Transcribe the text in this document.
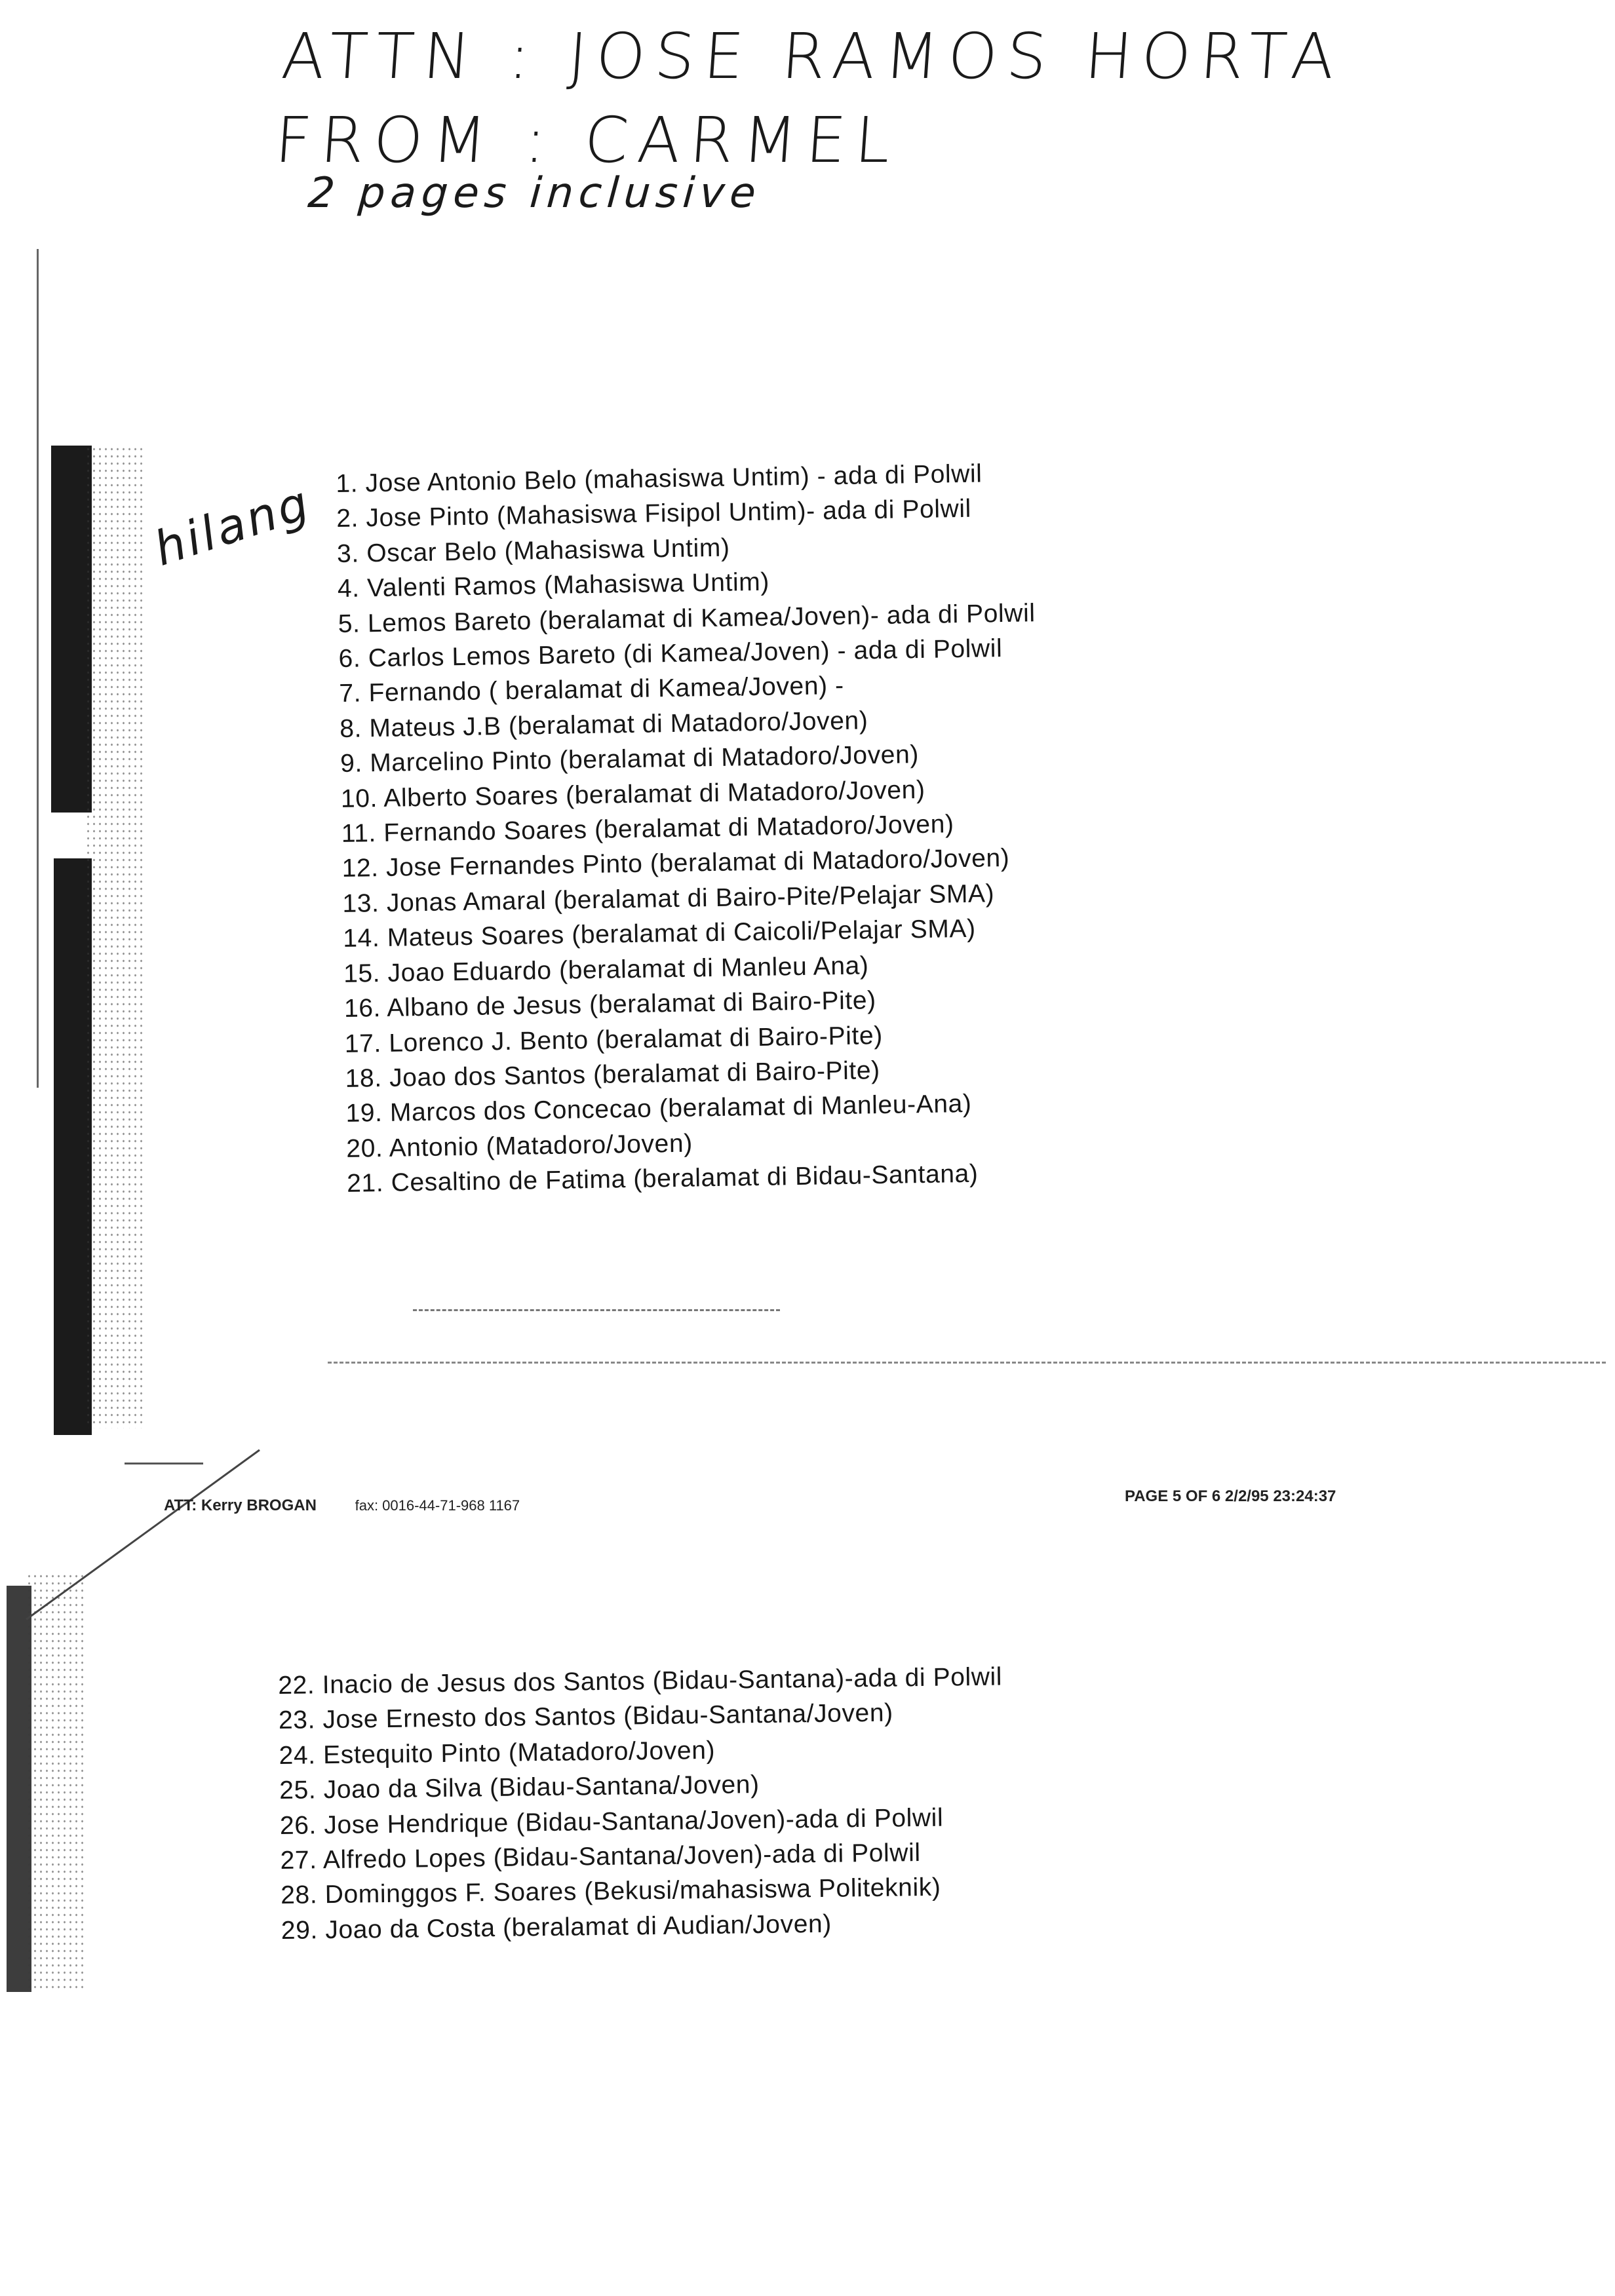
ATTN : JOSE RAMOS HORTA
FROM : CARMEL
2 pages inclusive
hilang 1. Jose Antonio Belo (mahasiswa Untim) - ada di Polwil
2. Jose Pinto (Mahasiswa Fisipol Untim)- ada di Polwil
3. Oscar Belo (Mahasiswa Untim)
4. Valenti Ramos (Mahasiswa Untim)
5. Lemos Bareto (beralamat di Kamea/Joven)- ada di Polwil
6. Carlos Lemos Bareto (di Kamea/Joven) - ada di Polwil
7. Fernando ( beralamat di Kamea/Joven) -
8. Mateus J.B (beralamat di Matadoro/Joven)
9. Marcelino Pinto (beralamat di Matadoro/Joven)
10. Alberto Soares (beralamat di Matadoro/Joven)
11. Fernando Soares (beralamat di Matadoro/Joven)
12. Jose Fernandes Pinto (beralamat di Matadoro/Joven)
13. Jonas Amaral (beralamat di Bairo-Pite/Pelajar SMA)
14. Mateus Soares (beralamat di Caicoli/Pelajar SMA)
15. Joao Eduardo (beralamat di Manleu Ana)
16. Albano de Jesus (beralamat di Bairo-Pite)
17. Lorenco J. Bento (beralamat di Bairo-Pite)
18. Joao dos Santos (beralamat di Bairo-Pite)
19. Marcos dos Concecao (beralamat di Manleu-Ana)
20. Antonio (Matadoro/Joven)
21. Cesaltino de Fatima (beralamat di Bidau-Santana)
ATT: Kerry BROGAN	fax: 0016-44-71-968 1167
PAGE 5 OF 6 2/2/95 23:24:37
22. Inacio de Jesus dos Santos (Bidau-Santana)-ada di Polwil
23. Jose Ernesto dos Santos (Bidau-Santana/Joven)
24. Estequito Pinto (Matadoro/Joven)
25. Joao da Silva (Bidau-Santana/Joven)
26. Jose Hendrique (Bidau-Santana/Joven)-ada di Polwil
27. Alfredo Lopes (Bidau-Santana/Joven)-ada di Polwil
28. Dominggos F. Soares (Bekusi/mahasiswa Politeknik)
29. Joao da Costa (beralamat di Audian/Joven)
